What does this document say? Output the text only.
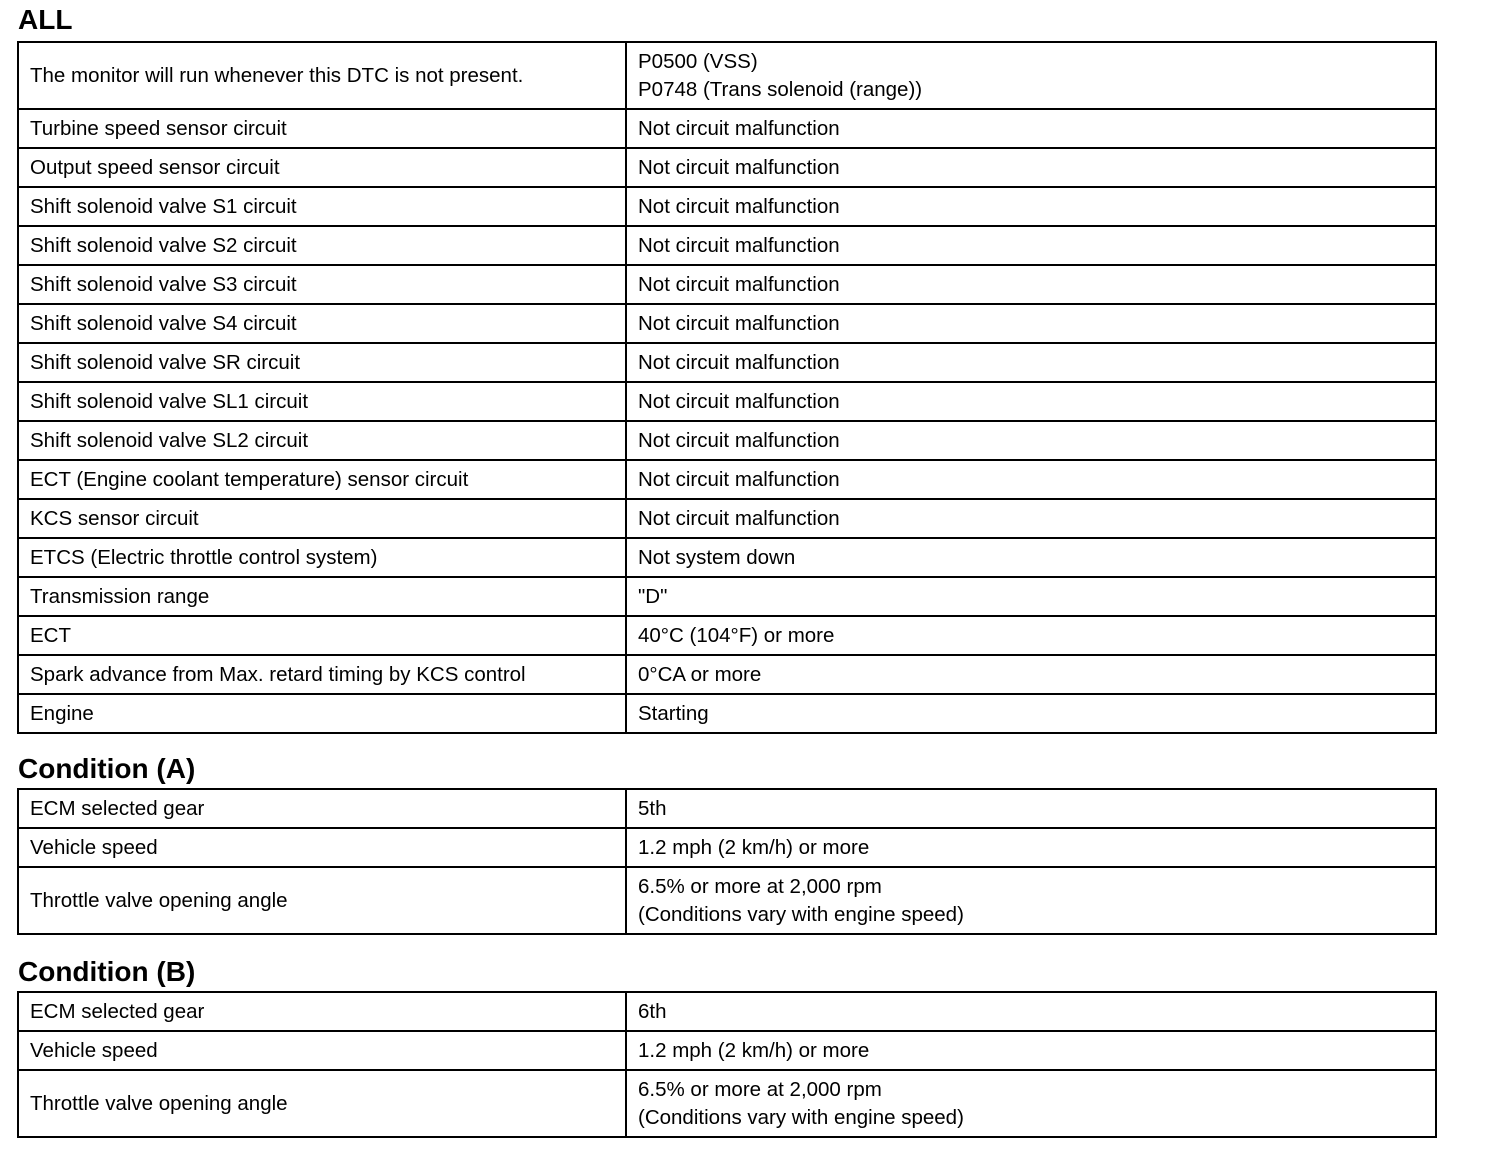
ALL
The monitor will run whenever this DTC is not present.	P0500 (VSS)
P0748 (Trans solenoid (range))

Turbine speed sensor circuit	Not circuit malfunction
Output speed sensor circuit	Not circuit malfunction
Shift solenoid valve S1 circuit	Not circuit malfunction
Shift solenoid valve S2 circuit	Not circuit malfunction
Shift solenoid valve S3 circuit	Not circuit malfunction
Shift solenoid valve S4 circuit	Not circuit malfunction
Shift solenoid valve SR circuit	Not circuit malfunction
Shift solenoid valve SL1 circuit	Not circuit malfunction
Shift solenoid valve SL2 circuit	Not circuit malfunction
ECT (Engine coolant temperature) sensor circuit	Not circuit malfunction
KCS sensor circuit	Not circuit malfunction
ETCS (Electric throttle control system)	Not system down
Transmission range	"D"
ECT	40°C (104°F) or more
Spark advance from Max. retard timing by KCS control	0°CA or more
Engine	Starting
Condition (A)
ECM selected gear	5th
Vehicle speed	1.2 mph (2 km/h) or more
Throttle valve opening angle	6.5% or more at 2,000 rpm
(Conditions vary with engine speed)
Condition (B)
ECM selected gear	6th
Vehicle speed	1.2 mph (2 km/h) or more
Throttle valve opening angle	6.5% or more at 2,000 rpm
(Conditions vary with engine speed)
